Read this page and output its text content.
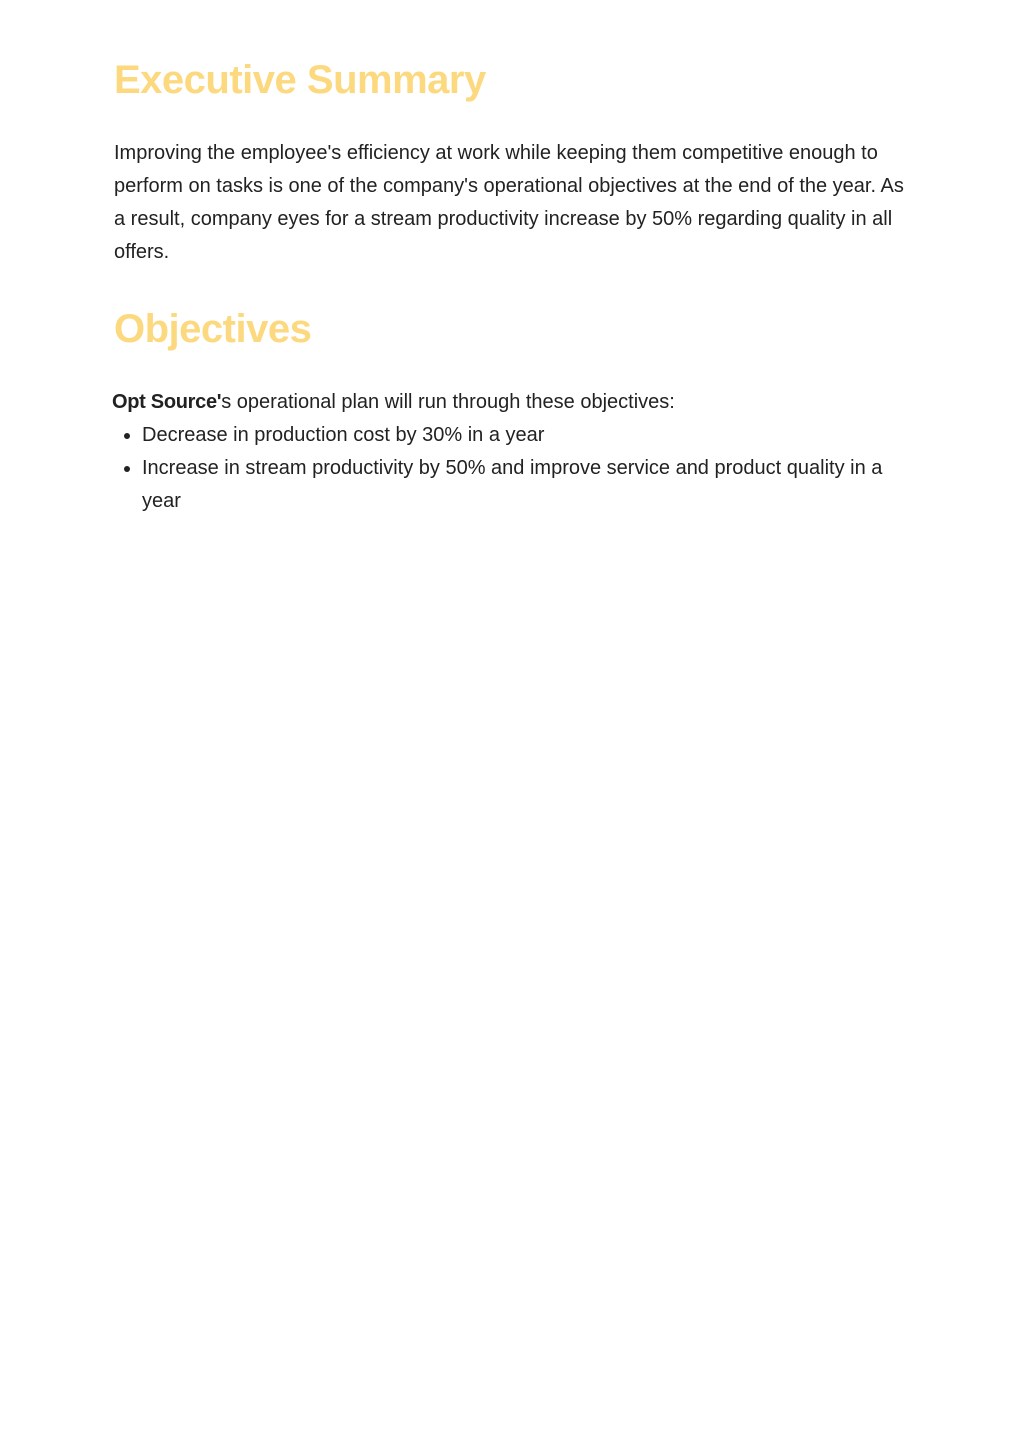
Executive Summary

Improving the employee's efficiency at work while keeping them competitive enough to perform on tasks is one of the company's operational objectives at the end of the year. As a result, company eyes for a stream productivity increase by 50% regarding quality in all offers.

Objectives

Opt Source's operational plan will run through these objectives:

Decrease in production cost by 30% in a year
Increase in stream productivity by 50% and improve service and product quality in a year
